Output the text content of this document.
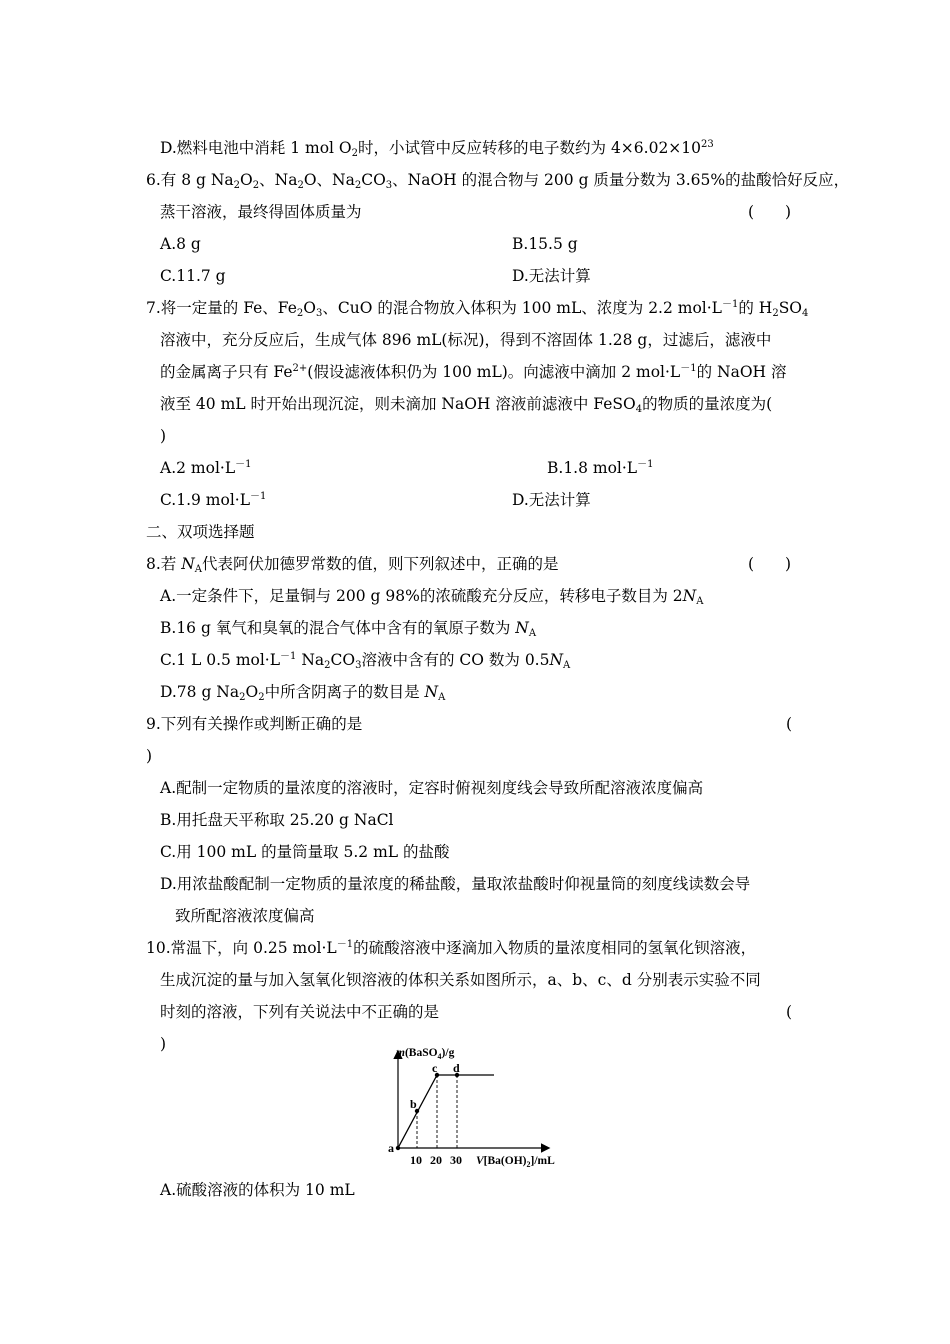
D.燃料电池中消耗 1 mol $O_2$时，小试管中反应转移的电子数约为 $4\times 6.02\times 10^{23}$
6.有 8 g $Na_2O_2$、$Na_2O$、$Na_2CO_3$、NaOH 的混合物与 200 g 质量分数为 3.65%的盐酸恰好反应，
蒸干溶液，最终得固体质量为	(　　)
A.8 g	B.15.5 g
C.11.7 g	D.无法计算
7.将一定量的 Fe、$Fe_2O_3$、CuO 的混合物放入体积为 100 mL、浓度为 2.2 $mol\cdot L^{-1}$的 $H_2SO_4$
溶液中，充分反应后，生成气体 896 mL(标况)，得到不溶固体 1.28 g，过滤后，滤液中
的金属离子只有 $Fe^{2+}$(假设滤液体积仍为 100 mL)。向滤液中滴加 2 $mol\cdot L^{-1}$的 NaOH 溶
液至 40 mL 时开始出现沉淀，则未滴加 NaOH 溶液前滤液中 FeSO$_4$的物质的量浓度为(
)
A.2 $mol\cdot L^{-1}$	B.1.8 $mol\cdot L^{-1}$
C.1.9 $mol\cdot L^{-1}$	D.无法计算
二、双项选择题
8.若 $N_A$代表阿伏加德罗常数的值，则下列叙述中，正确的是	(　　)
A.一定条件下，足量铜与 200 g 98%的浓硫酸充分反应，转移电子数目为 $2N_A$
B.16 g 氧气和臭氧的混合气体中含有的氧原子数为 $N_A$
C.1 L 0.5 $mol\cdot L^{-1}$ $Na_2CO_3$溶液中含有的 CO 数为 $0.5N_A$
D.78 g $Na_2O_2$中所含阴离子的数目是 $N_A$
9.下列有关操作或判断正确的是	(
)
A.配制一定物质的量浓度的溶液时，定容时俯视刻度线会导致所配溶液浓度偏高
B.用托盘天平称取 25.20 g NaCl
C.用 100 mL 的量筒量取 5.2 mL 的盐酸
D.用浓盐酸配制一定物质的量浓度的稀盐酸，量取浓盐酸时仰视量筒的刻度线读数会导
致所配溶液浓度偏高
10.常温下，向 0.25 $mol\cdot L^{-1}$的硫酸溶液中逐滴加入物质的量浓度相同的氢氧化钡溶液，
生成沉淀的量与加入氢氧化钡溶液的体积关系如图所示，a、b、c、d 分别表示实验不同
时刻的溶液，下列有关说法中不正确的是	(
)
a
b
c d
m(BaSO$_4$)/g
10 20 30 $V[Ba(OH)_2]/mL$
A.硫酸溶液的体积为 10 mL
